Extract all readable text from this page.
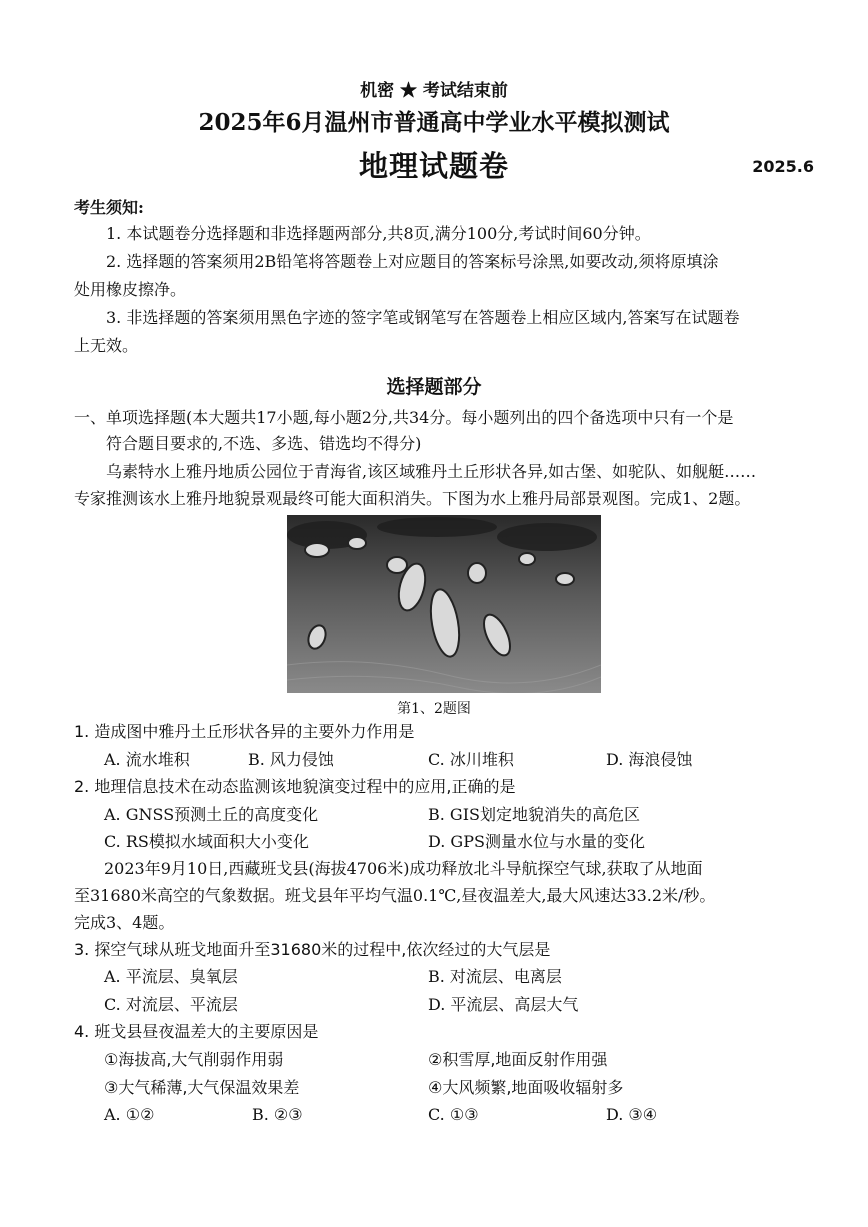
机密 ★ 考试结束前
2025年6月温州市普通高中学业水平模拟测试
地理试题卷	2025.6
考生须知:
1. 本试题卷分选择题和非选择题两部分,共8页,满分100分,考试时间60分钟。
2. 选择题的答案须用2B铅笔将答题卷上对应题目的答案标号涂黑,如要改动,须将原填涂
处用橡皮擦净。
3. 非选择题的答案须用黑色字迹的签字笔或钢笔写在答题卷上相应区域内,答案写在试题卷
上无效。
选择题部分
一、单项选择题(本大题共17小题,每小题2分,共34分。每小题列出的四个备选项中只有一个是
符合题目要求的,不选、多选、错选均不得分)
乌素特水上雅丹地质公园位于青海省,该区域雅丹土丘形状各异,如古堡、如驼队、如舰艇……
专家推测该水上雅丹地貌景观最终可能大面积消失。下图为水上雅丹局部景观图。完成1、2题。
第1、2题图
1. 造成图中雅丹土丘形状各异的主要外力作用是
A. 流水堆积	B. 风力侵蚀	C. 冰川堆积	D. 海浪侵蚀
2. 地理信息技术在动态监测该地貌演变过程中的应用,正确的是
A. GNSS预测土丘的高度变化	B. GIS划定地貌消失的高危区
C. RS模拟水域面积大小变化	D. GPS测量水位与水量的变化
2023年9月10日,西藏班戈县(海拔4706米)成功释放北斗导航探空气球,获取了从地面
至31680米高空的气象数据。班戈县年平均气温0.1℃,昼夜温差大,最大风速达33.2米/秒。
完成3、4题。
3. 探空气球从班戈地面升至31680米的过程中,依次经过的大气层是
A. 平流层、臭氧层	B. 对流层、电离层
C. 对流层、平流层	D. 平流层、高层大气
4. 班戈县昼夜温差大的主要原因是
①海拔高,大气削弱作用弱	②积雪厚,地面反射作用强
③大气稀薄,大气保温效果差	④大风频繁,地面吸收辐射多
A. ①②	B. ②③	C. ①③	D. ③④
